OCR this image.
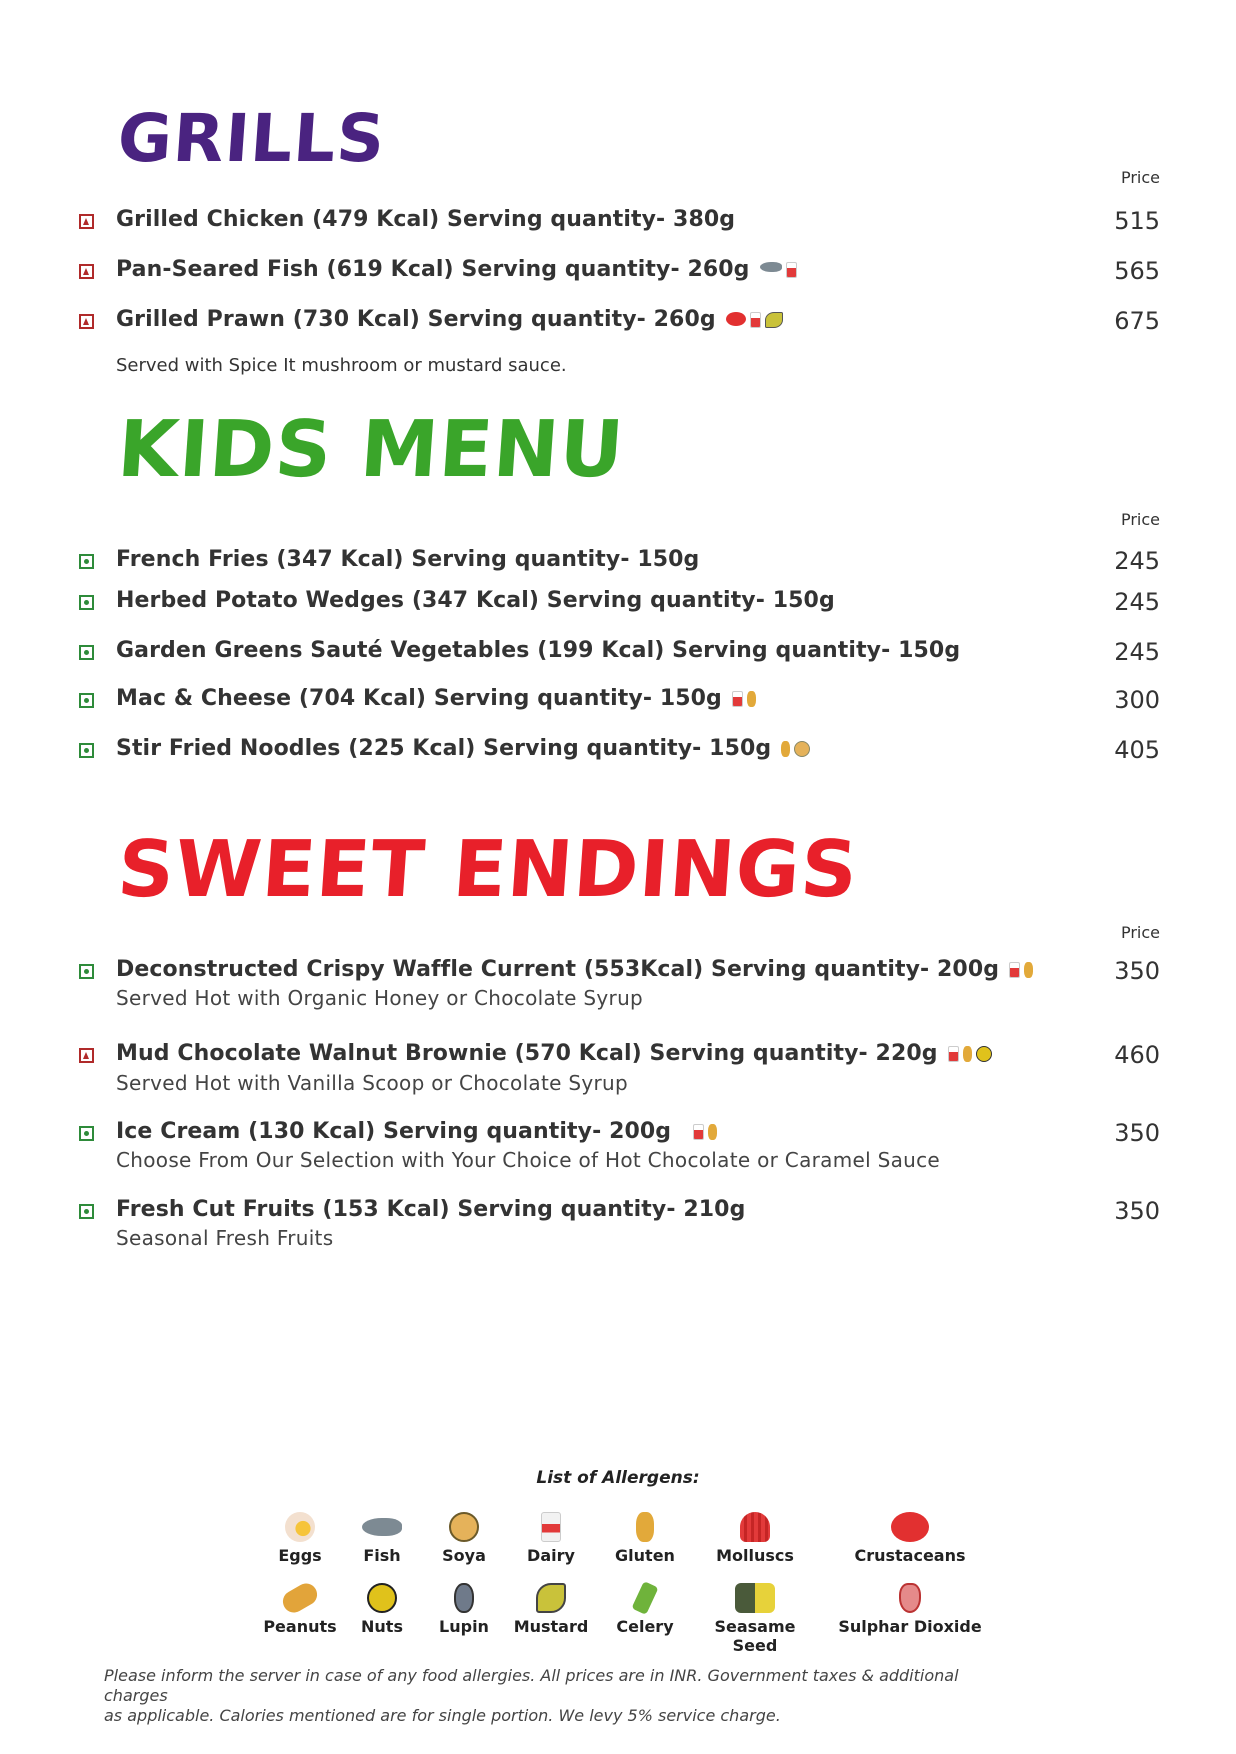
GRILLS
Price
Grilled Chicken (479 Kcal) Serving quantity- 380g	515
Pan-Seared Fish (619 Kcal) Serving quantity- 260g	565
Grilled Prawn (730 Kcal) Serving quantity- 260g	675
Served with Spice It mushroom or mustard sauce.
KIDS MENU
Price
French Fries (347 Kcal) Serving quantity- 150g	245
Herbed Potato Wedges (347 Kcal) Serving quantity- 150g	245
Garden Greens Sauté Vegetables (199 Kcal) Serving quantity- 150g	245
Mac & Cheese (704 Kcal) Serving quantity- 150g	300
Stir Fried Noodles (225 Kcal) Serving quantity- 150g	405
SWEET ENDINGS
Price
Deconstructed Crispy Waffle Current (553Kcal) Serving quantity- 200g	350
Served Hot with Organic Honey or Chocolate Syrup
Mud Chocolate Walnut Brownie (570 Kcal) Serving quantity- 220g	460
Served Hot with Vanilla Scoop or Chocolate Syrup
Ice Cream (130 Kcal) Serving quantity- 200g	350
Choose From Our Selection with Your Choice of Hot Chocolate or Caramel Sauce
Fresh Cut Fruits (153 Kcal) Serving quantity- 210g	350
Seasonal Fresh Fruits
List of Allergens:
Eggs	Fish	Soya	Dairy	Gluten	Molluscs	Crustaceans
Peanuts	Nuts	Lupin	Mustard	Celery	Seasame Seed
Sulphar Dioxide
Please inform the server in case of any food allergies. All prices are in INR. Government taxes & additional charges
as applicable. Calories mentioned are for single portion. We levy 5% service charge.
